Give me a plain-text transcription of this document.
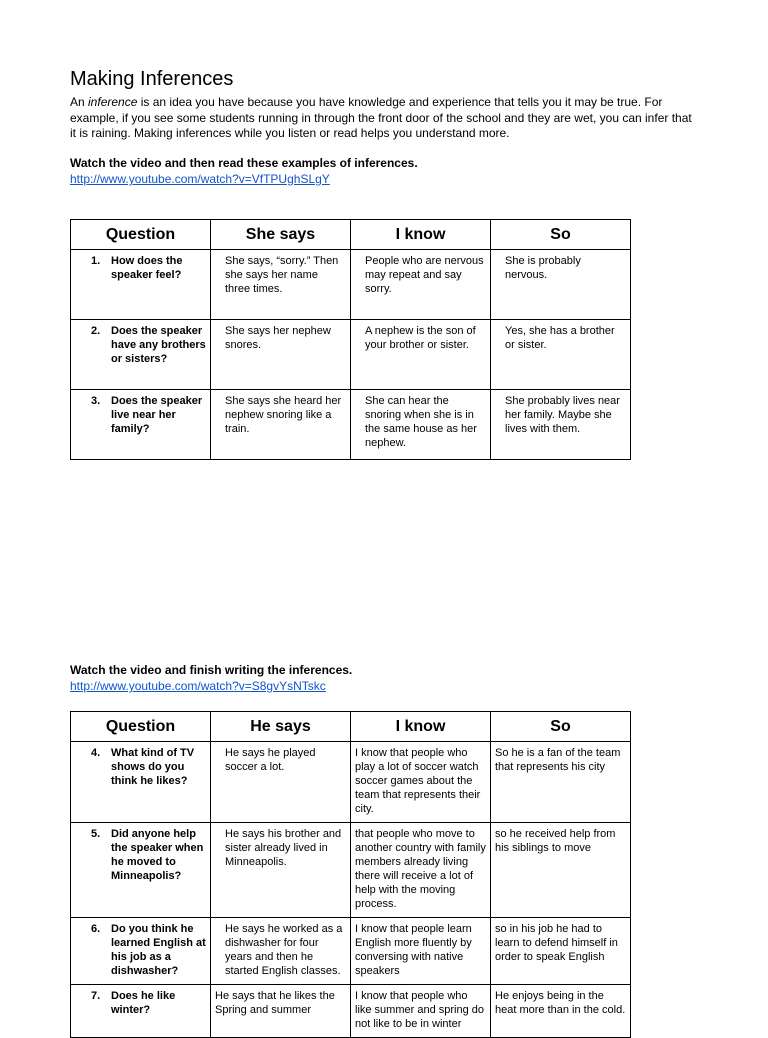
Making Inferences

An inference is an idea you have because you have knowledge and experience that tells you it may be true. For example, if you see some students running in through the front door of the school and they are wet, you can infer that it is raining. Making inferences while you listen or read helps you understand more.

Watch the video and then read these examples of inferences.

http://www.youtube.com/watch?v=VfTPUghSLgY
Question	She says	I know	So

1. How does the speaker feel?	She says, “sorry.” Then she says her name three times.	People who are nervous may repeat and say sorry.	She is probably nervous.

2. Does the speaker have any brothers or sisters?	She says her nephew snores.	A nephew is the son of your brother or sister.	Yes, she has a brother or sister.

3. Does the speaker live near her family?	She says she heard her nephew snoring like a train.	She can hear the snoring when she is in the same house as her nephew.	She probably lives near her family. Maybe she lives with them.

Watch the video and finish writing the inferences.

http://www.youtube.com/watch?v=S8gvYsNTskc
Question	He says	I know	So

4. What kind of TV shows do you think he likes?	He says he played soccer a lot.	I know that people who play a lot of soccer watch soccer games about the team that represents their city.	So he is a fan of the team that represents his city

5. Did anyone help the speaker when he moved to Minneapolis?	He says his brother and sister already lived in Minneapolis.	that people who move to another country with family members already living there will receive a lot of help with the moving process.	so he received help from his siblings to move

6. Do you think he learned English at his job as a dishwasher?	He says he worked as a dishwasher for four years and then he started English classes.	I know that people learn English more fluently by conversing with native speakers	so in his job he had to learn to defend himself in order to speak English

7. Does he like winter?	He says that he likes the Spring and summer	I know that people who like summer and spring do not like to be in winter	He enjoys being in the heat more than in the cold.
